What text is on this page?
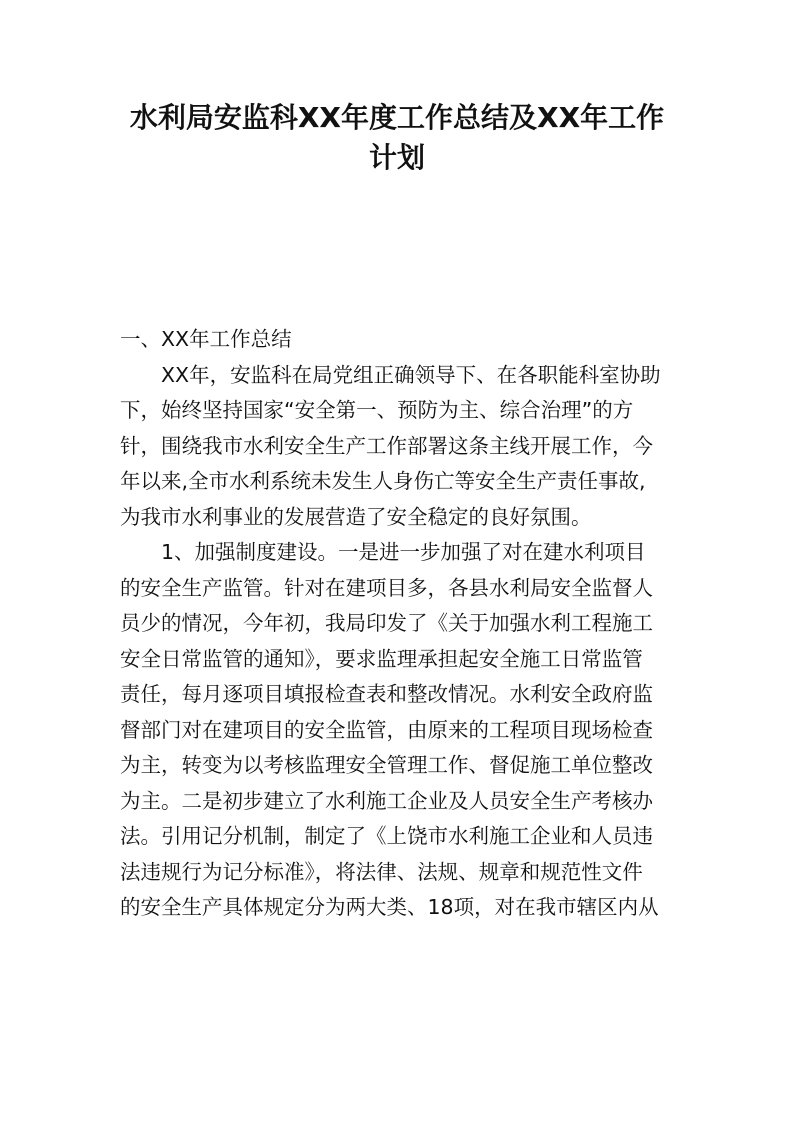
水利局安监科XX年度工作总结及XX年工作
计划
一、XX年工作总结
XX年，安监科在局党组正确领导下、在各职能科室协助
下，始终坚持国家“安全第一、预防为主、综合治理”的方
针，围绕我市水利安全生产工作部署这条主线开展工作，今
年以来,全市水利系统未发生人身伤亡等安全生产责任事故,
为我市水利事业的发展营造了安全稳定的良好氛围。
1、加强制度建设。一是进一步加强了对在建水利项目
的安全生产监管。针对在建项目多，各县水利局安全监督人
员少的情况，今年初，我局印发了《关于加强水利工程施工
安全日常监管的通知》，要求监理承担起安全施工日常监管
责任，每月逐项目填报检查表和整改情况。水利安全政府监
督部门对在建项目的安全监管，由原来的工程项目现场检查
为主，转变为以考核监理安全管理工作、督促施工单位整改
为主。二是初步建立了水利施工企业及人员安全生产考核办
法。引用记分机制，制定了《上饶市水利施工企业和人员违
法违规行为记分标准》，将法律、法规、规章和规范性文件
的安全生产具体规定分为两大类、18项，对在我市辖区内从
